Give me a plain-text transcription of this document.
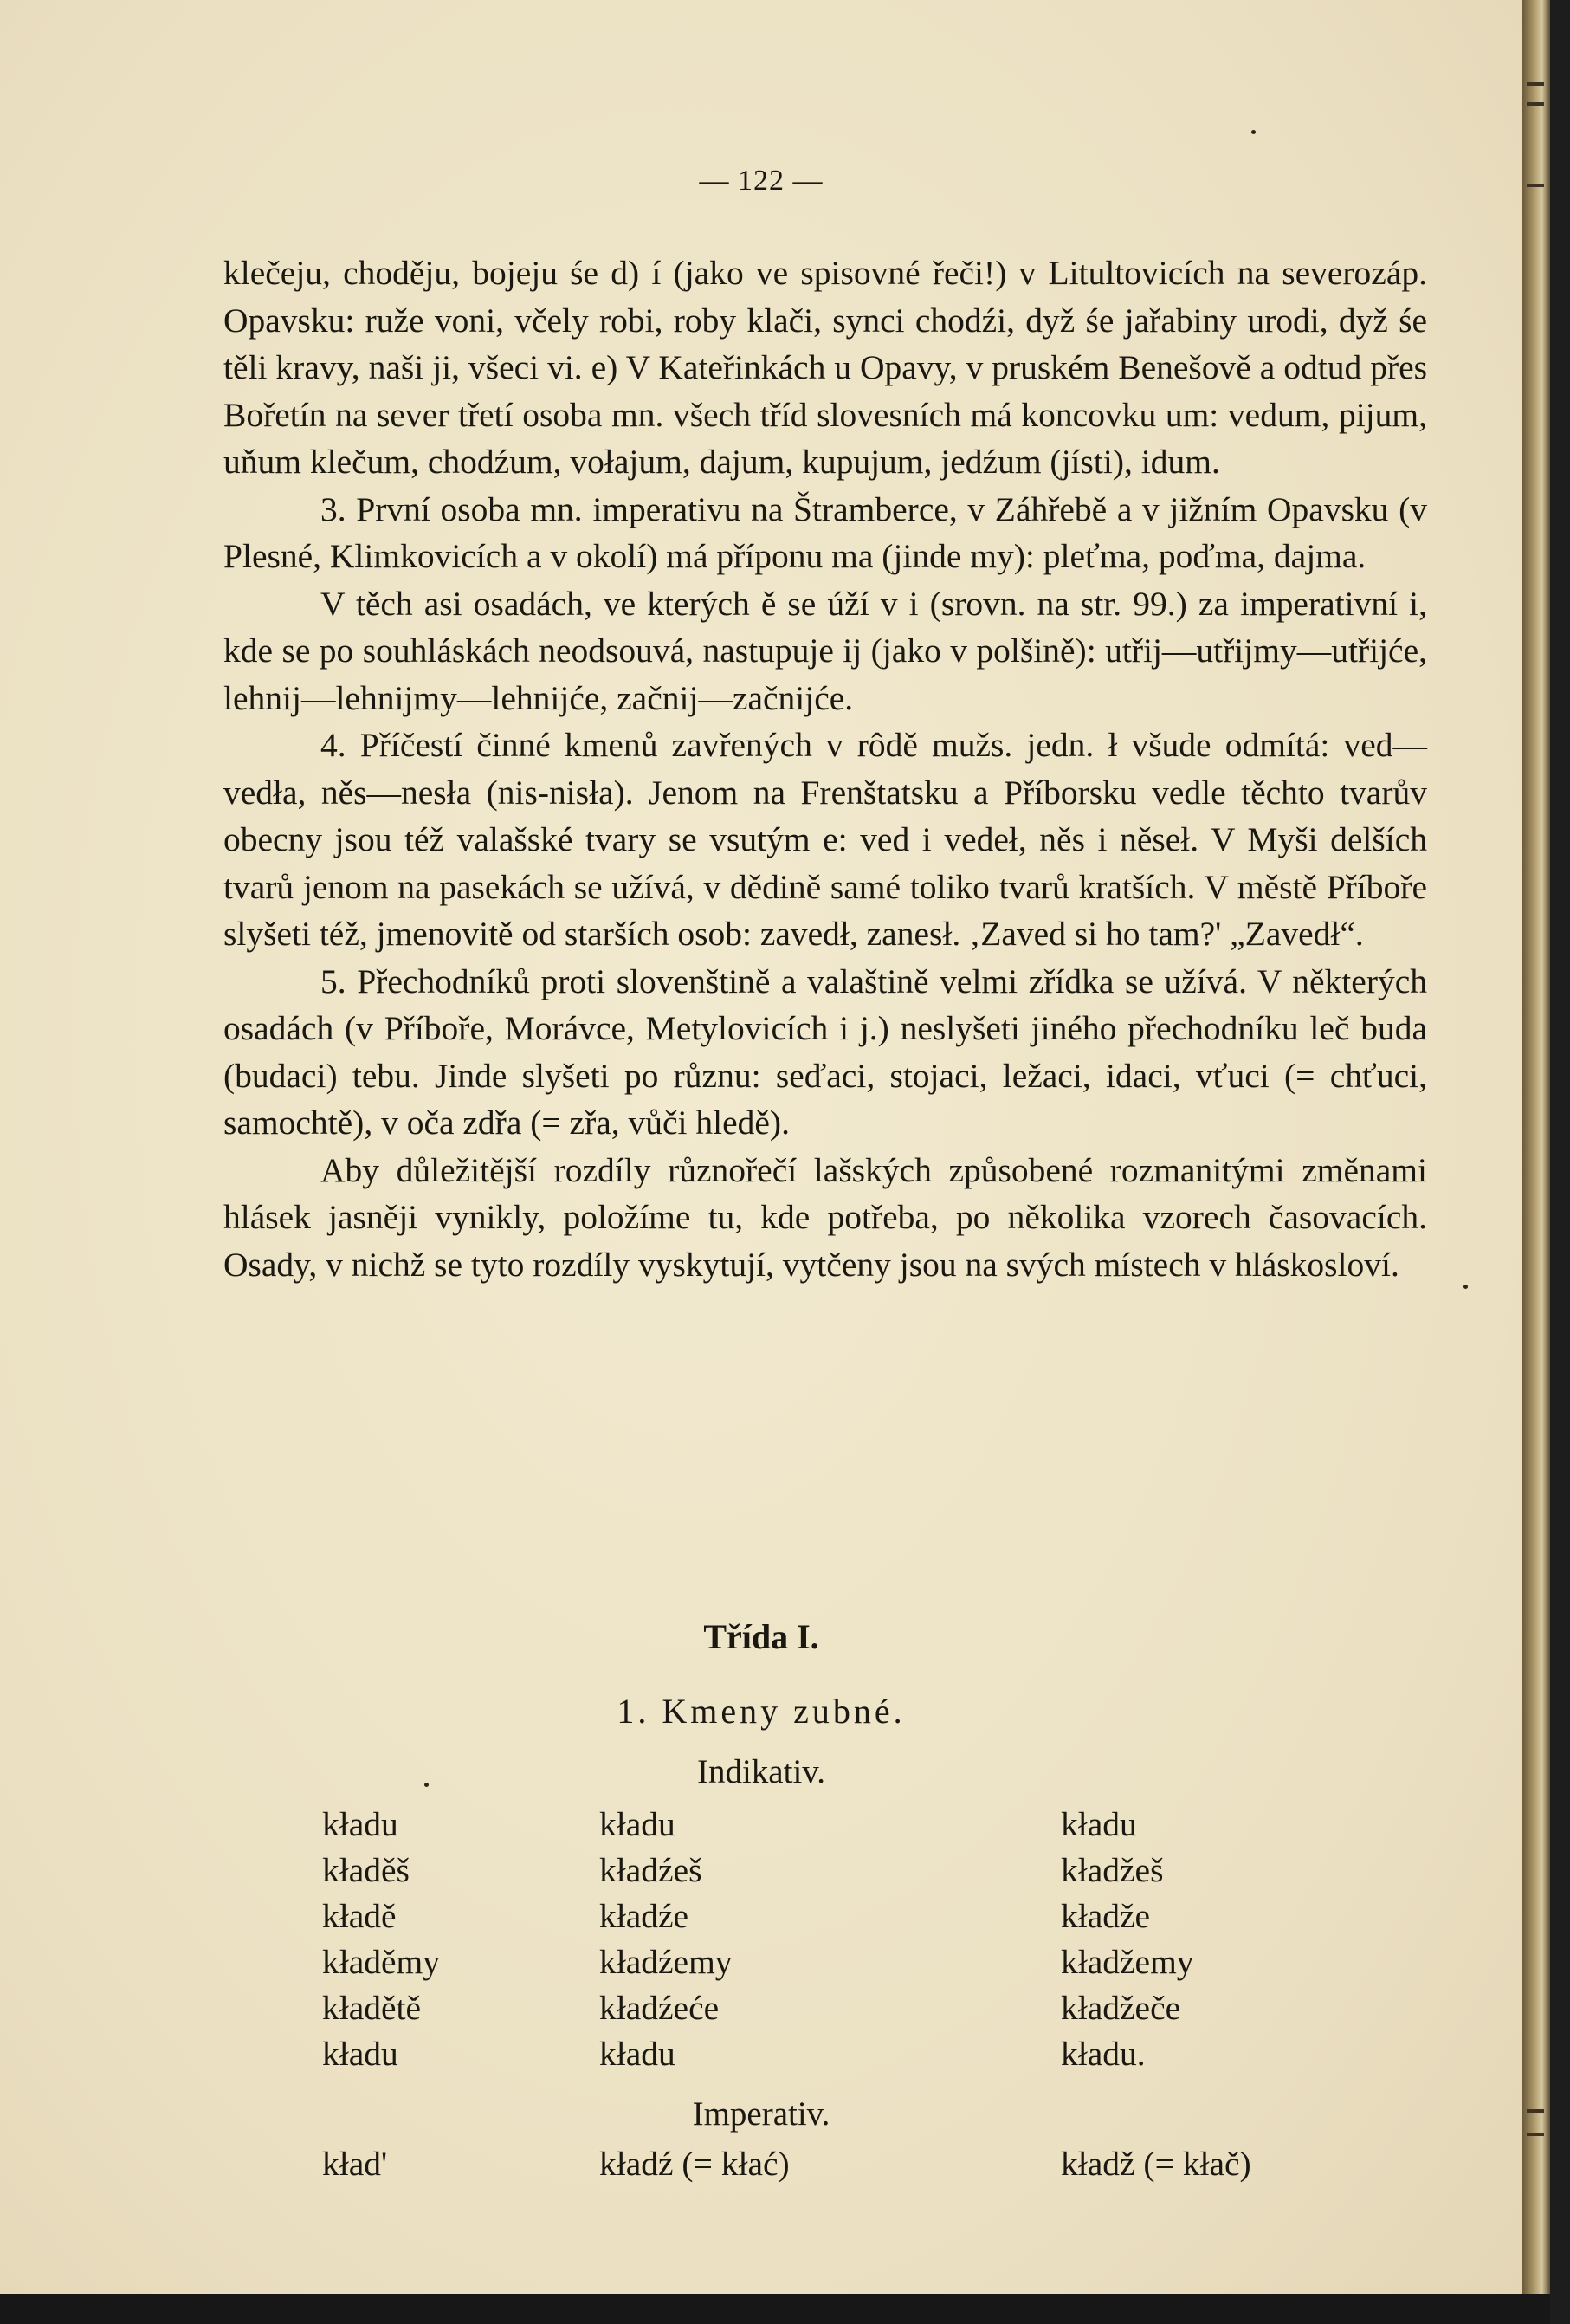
— 122 —

klečeju, choděju, bojeju śe d) í (jako ve spisovné řeči!) v Litultovicích na severozáp. Opavsku: ruže voni, včely robi, roby klači, synci chodźi, dyž śe jařabiny urodi, dyž śe těli kravy, naši ji, všeci vi. e) V Kateřinkách u Opavy, v pruském Benešově a odtud přes Bořetín na sever třetí osoba mn. všech tříd slovesních má koncovku um: vedum, pijum, uňum klečum, chodźum, vołajum, dajum, kupujum, jedźum (jísti), idum.

3. První osoba mn. imperativu na Štramberce, v Záhřebě a v jižním Opavsku (v Plesné, Klimkovicích a v okolí) má příponu ma (jinde my): pleťma, poďma, dajma.

V těch asi osadách, ve kterých ě se úží v i (srovn. na str. 99.) za imperativní i, kde se po souhláskách neodsouvá, nastupuje ij (jako v polšině): utřij—utřijmy—utřijće, lehnij—lehnijmy—lehnijće, začnij—začnijće.

4. Příčestí činné kmenů zavřených v rôdě mužs. jedn. ł všude odmítá: ved—vedła, něs—nesła (nis-nisła). Jenom na Frenštatsku a Příborsku vedle těchto tvarův obecny jsou též valašské tvary se vsutým e: ved i vedeł, něs i něseł. V Myši delších tvarů jenom na pasekách se užívá, v dědině samé toliko tvarů kratších. V městě Příboře slyšeti též, jmenovitě od starších osob: zavedł, zanesł. ‚Zaved si ho tam?' „Zavedł“.

5. Přechodníků proti slovenštině a valaštině velmi zřídka se užívá. V některých osadách (v Příboře, Morávce, Metylovicích i j.) neslyšeti jiného přechodníku leč buda (budaci) tebu. Jinde slyšeti po různu: seďaci, stojaci, ležaci, idaci, vťuci (= chťuci, samochtě), v oča zdřa (= zřa, vůči hledě).

Aby důležitější rozdíly různořečí lašských způsobené rozmanitými změnami hlásek jasněji vynikly, položíme tu, kde potřeba, po několika vzorech časovacích. Osady, v nichž se tyto rozdíly vyskytují, vytčeny jsou na svých místech v hláskosloví.

Třída I.
1. Kmeny zubné.
Indikativ.
kładu	kładu	kładu
kładěš	kładźeš	kładžeš
kładě	kładźe	kładže
kładěmy	kładźemy	kładžemy
kładětě	kładźeće	kładžeče
kładu	kładu	kładu.
Imperativ.
kład'	kładź (= kłać)	kładž (= kłač)
